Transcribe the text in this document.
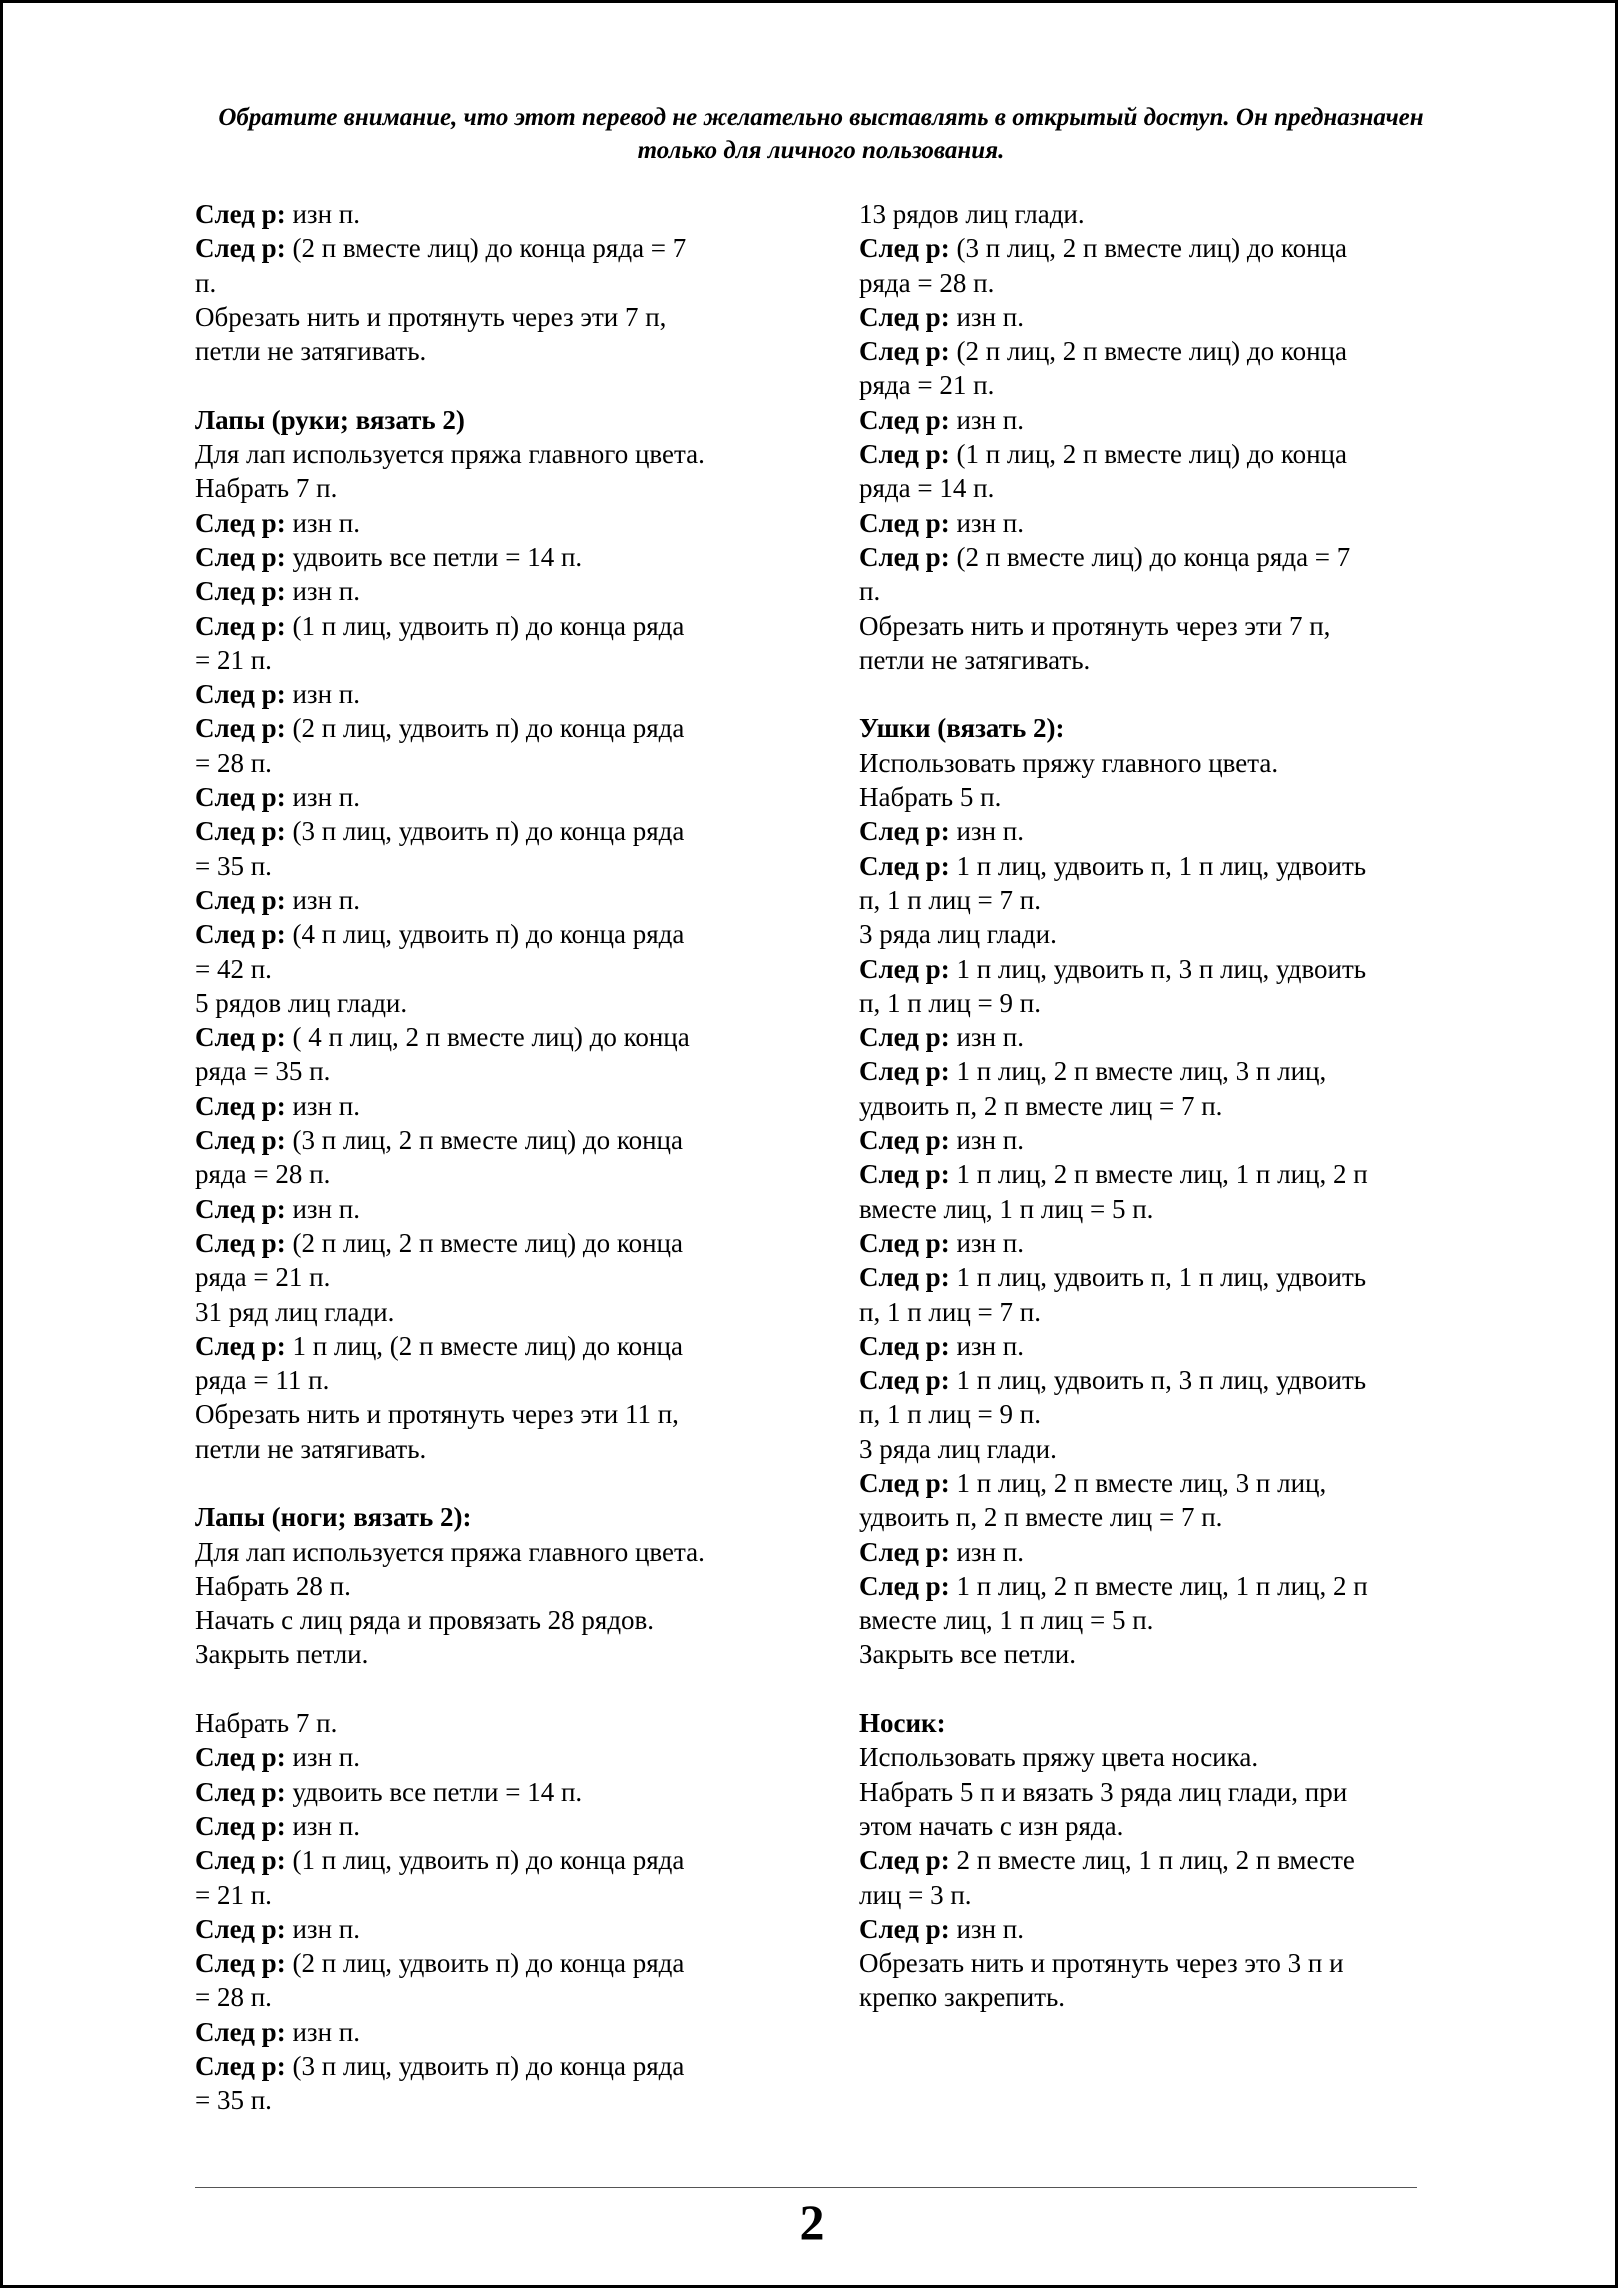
Обратите внимание, что этот перевод не желательно выставлять в открытый доступ. Он предназначен только для личного пользования.
След р: изн п.
След р: (2 п вместе лиц) до конца ряда = 7
п.
Обрезать нить и протянуть через эти 7 п,
петли не затягивать.
Лапы (руки; вязать 2)
Для лап используется пряжа главного цвета.
Набрать 7 п.
След р: изн п.
След р: удвоить все петли = 14 п.
След р: изн п.
След р: (1 п лиц, удвоить п) до конца ряда
= 21 п.
След р: изн п.
След р: (2 п лиц, удвоить п) до конца ряда
= 28 п.
След р: изн п.
След р: (3 п лиц, удвоить п) до конца ряда
= 35 п.
След р: изн п.
След р: (4 п лиц, удвоить п) до конца ряда
= 42 п.
5 рядов лиц глади.
След р: ( 4 п лиц, 2 п вместе лиц) до конца
ряда = 35 п.
След р: изн п.
След р: (3 п лиц, 2 п вместе лиц) до конца
ряда = 28 п.
След р: изн п.
След р: (2 п лиц, 2 п вместе лиц) до конца
ряда = 21 п.
31 ряд лиц глади.
След р: 1 п лиц, (2 п вместе лиц) до конца
ряда = 11 п.
Обрезать нить и протянуть через эти 11 п,
петли не затягивать.
Лапы (ноги; вязать 2):
Для лап используется пряжа главного цвета.
Набрать 28 п.
Начать с лиц ряда и провязать 28 рядов.
Закрыть петли.
Набрать 7 п.
След р: изн п.
След р: удвоить все петли = 14 п.
След р: изн п.
След р: (1 п лиц, удвоить п) до конца ряда
= 21 п.
След р: изн п.
След р: (2 п лиц, удвоить п) до конца ряда
= 28 п.
След р: изн п.
След р: (3 п лиц, удвоить п) до конца ряда
= 35 п.
13 рядов лиц глади.
След р: (3 п лиц, 2 п вместе лиц) до конца
ряда = 28 п.
След р: изн п.
След р: (2 п лиц, 2 п вместе лиц) до конца
ряда = 21 п.
След р: изн п.
След р: (1 п лиц, 2 п вместе лиц) до конца
ряда = 14 п.
След р: изн п.
След р: (2 п вместе лиц) до конца ряда = 7
п.
Обрезать нить и протянуть через эти 7 п,
петли не затягивать.
Ушки (вязать 2):
Использовать пряжу главного цвета.
Набрать 5 п.
След р: изн п.
След р: 1 п лиц, удвоить п, 1 п лиц, удвоить
п, 1 п лиц = 7 п.
3 ряда лиц глади.
След р: 1 п лиц, удвоить п, 3 п лиц, удвоить
п, 1 п лиц = 9 п.
След р: изн п.
След р: 1 п лиц, 2 п вместе лиц, 3 п лиц,
удвоить п, 2 п вместе лиц = 7 п.
След р: изн п.
След р: 1 п лиц, 2 п вместе лиц, 1 п лиц, 2 п
вместе лиц, 1 п лиц = 5 п.
След р: изн п.
След р: 1 п лиц, удвоить п, 1 п лиц, удвоить
п, 1 п лиц = 7 п.
След р: изн п.
След р: 1 п лиц, удвоить п, 3 п лиц, удвоить
п, 1 п лиц = 9 п.
3 ряда лиц глади.
След р: 1 п лиц, 2 п вместе лиц, 3 п лиц,
удвоить п, 2 п вместе лиц = 7 п.
След р: изн п.
След р: 1 п лиц, 2 п вместе лиц, 1 п лиц, 2 п
вместе лиц, 1 п лиц = 5 п.
Закрыть все петли.
Носик:
Использовать пряжу цвета носика.
Набрать 5 п и вязать 3 ряда лиц глади, при
этом начать с изн ряда.
След р: 2 п вместе лиц, 1 п лиц, 2 п вместе
лиц = 3 п.
След р: изн п.
Обрезать нить и протянуть через это 3 п и
крепко закрепить.
2
